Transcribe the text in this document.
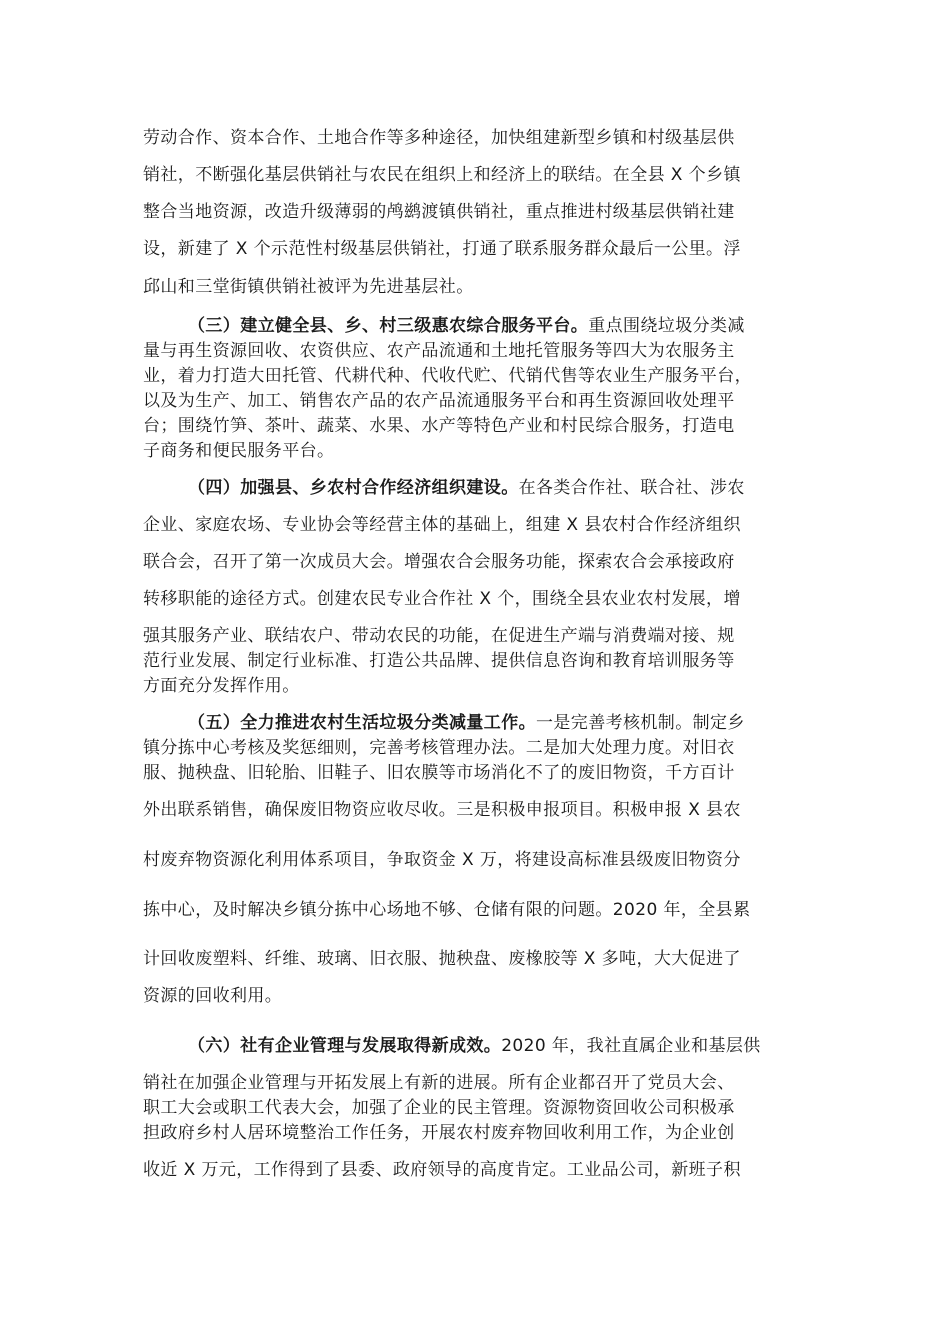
劳动合作、资本合作、土地合作等多种途径，加快组建新型乡镇和村级基层供
销社，不断强化基层供销社与农民在组织上和经济上的联结。在全县 X 个乡镇
整合当地资源，改造升级薄弱的鸬鹚渡镇供销社，重点推进村级基层供销社建
设，新建了 X 个示范性村级基层供销社，打通了联系服务群众最后一公里。浮
邱山和三堂街镇供销社被评为先进基层社。
（三）建立健全县、乡、村三级惠农综合服务平台。重点围绕垃圾分类减
量与再生资源回收、农资供应、农产品流通和土地托管服务等四大为农服务主
业，着力打造大田托管、代耕代种、代收代贮、代销代售等农业生产服务平台，
以及为生产、加工、销售农产品的农产品流通服务平台和再生资源回收处理平
台；围绕竹笋、茶叶、蔬菜、水果、水产等特色产业和村民综合服务，打造电
子商务和便民服务平台。
（四）加强县、乡农村合作经济组织建设。在各类合作社、联合社、涉农
企业、家庭农场、专业协会等经营主体的基础上，组建 X 县农村合作经济组织
联合会，召开了第一次成员大会。增强农合会服务功能，探索农合会承接政府
转移职能的途径方式。创建农民专业合作社 X 个，围绕全县农业农村发展，增
强其服务产业、联结农户、带动农民的功能，在促进生产端与消费端对接、规
范行业发展、制定行业标准、打造公共品牌、提供信息咨询和教育培训服务等
方面充分发挥作用。
（五）全力推进农村生活垃圾分类减量工作。一是完善考核机制。制定乡
镇分拣中心考核及奖惩细则，完善考核管理办法。二是加大处理力度。对旧衣
服、抛秧盘、旧轮胎、旧鞋子、旧农膜等市场消化不了的废旧物资，千方百计
外出联系销售，确保废旧物资应收尽收。三是积极申报项目。积极申报 X 县农
村废弃物资源化利用体系项目，争取资金 X 万，将建设高标准县级废旧物资分
拣中心，及时解决乡镇分拣中心场地不够、仓储有限的问题。2020 年，全县累
计回收废塑料、纤维、玻璃、旧衣服、抛秧盘、废橡胶等 X 多吨，大大促进了
资源的回收利用。
（六）社有企业管理与发展取得新成效。2020 年，我社直属企业和基层供
销社在加强企业管理与开拓发展上有新的进展。所有企业都召开了党员大会、
职工大会或职工代表大会，加强了企业的民主管理。资源物资回收公司积极承
担政府乡村人居环境整治工作任务，开展农村废弃物回收利用工作，为企业创
收近 X 万元，工作得到了县委、政府领导的高度肯定。工业品公司，新班子积
